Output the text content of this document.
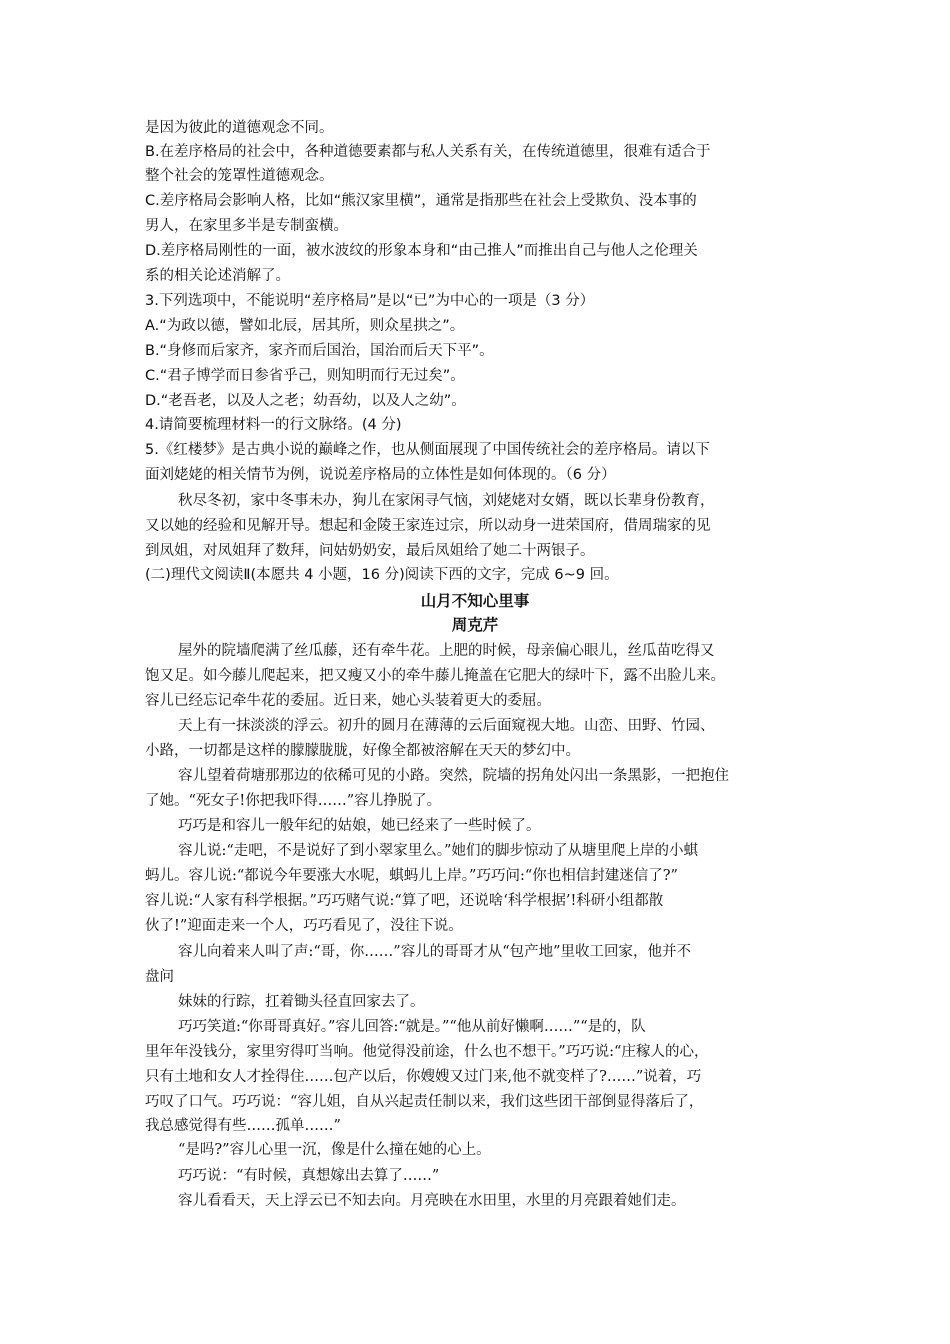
是因为彼此的道德观念不同。
B.在差序格局的社会中，各种道德要素都与私人关系有关，在传统道德里，很难有适合于
整个社会的笼罩性道德观念。
C.差序格局会影响人格，比如“熊汉家里横”，通常是指那些在社会上受欺负、没本事的
男人，在家里多半是专制蛮横。
D.差序格局刚性的一面，被水波纹的形象本身和“由己推人”而推出自己与他人之伦理关
系的相关论述消解了。
3.下列选项中，不能说明“差序格局”是以“已”为中心的一项是（3 分）
A.“为政以德，譬如北辰，居其所，则众星拱之”。
B.“身修而后家齐，家齐而后国治，国治而后天下平”。
C.“君子博学而日参省乎己，则知明而行无过矣”。
D.“老吾老，以及人之老；幼吾幼，以及人之幼”。
4.请简要梳理材料一的行文脉络。(4 分)
5.《红楼梦》是古典小说的巅峰之作，也从侧面展现了中国传统社会的差序格局。请以下
面刘姥姥的相关情节为例，说说差序格局的立体性是如何体现的。（6 分）
秋尽冬初，家中冬事未办，狗儿在家闲寻气恼，刘姥姥对女婿，既以长辈身份教育，
又以她的经验和见解开导。想起和金陵王家连过宗，所以动身一进荣国府，借周瑞家的见
到凤姐，对凤姐拜了数拜，问姑奶奶安，最后凤姐给了她二十两银子。
(二)理代文阅读Ⅱ(本愿共 4 小题，16 分)阅读下西的文字，完成 6~9 回。
山月不知心里事
周克芹
屋外的院墙爬满了丝瓜藤，还有牵牛花。上肥的时候，母亲偏心眼儿，丝瓜苗吃得又
饱又足。如今藤儿爬起来，把又瘦又小的牵牛藤儿掩盖在它肥大的绿叶下，露不出脸儿来。
容儿已经忘记牵牛花的委屈。近日来，她心头装着更大的委屈。
天上有一抹淡淡的浮云。初升的圆月在薄薄的云后面窥视大地。山峦、田野、竹园、
小路，一切都是这样的朦朦胧胧，好像全都被溶解在天天的梦幻中。
容儿望着荷塘那那边的依稀可见的小路。突然，院墙的拐角处闪出一条黑影，一把抱住
了她。“死女子!你把我吓得……”容儿挣脱了。
巧巧是和容儿一般年纪的姑娘，她已经来了一些时候了。
容儿说:“走吧，不是说好了到小翠家里么。”她们的脚步惊动了从塘里爬上岸的小蜞
蚂儿。容儿说:“都说今年要涨大水呢，蜞蚂儿上岸。”巧巧问:“你也相信封建迷信了?”
容儿说:“人家有科学根据。”巧巧赌气说:“算了吧，还说啥‘科学根据’!科研小组都散
伙了!”迎面走来一个人，巧巧看见了，没往下说。
容儿向着来人叫了声:“哥，你……”容儿的哥哥才从“包产地”里收工回家，他并不
盘问
妹妹的行踪，扛着锄头径直回家去了。
巧巧笑道:“你哥哥真好。”容儿回答:“就是。”“他从前好懒啊……”“是的，队
里年年没钱分，家里穷得叮当响。他觉得没前途，什么也不想干。”巧巧说:“庄稼人的心，
只有土地和女人才拴得住……包产以后，你嫂嫂又过门来,他不就变样了?……”说着，巧
巧叹了口气。巧巧说：“容儿姐，自从兴起责任制以来，我们这些团干部倒显得落后了，
我总感觉得有些……孤单……”
“是吗?”容儿心里一沉，像是什么撞在她的心上。
巧巧说：“有时候，真想嫁出去算了……”
容儿看看天，天上浮云已不知去向。月亮映在水田里，水里的月亮跟着她们走。
